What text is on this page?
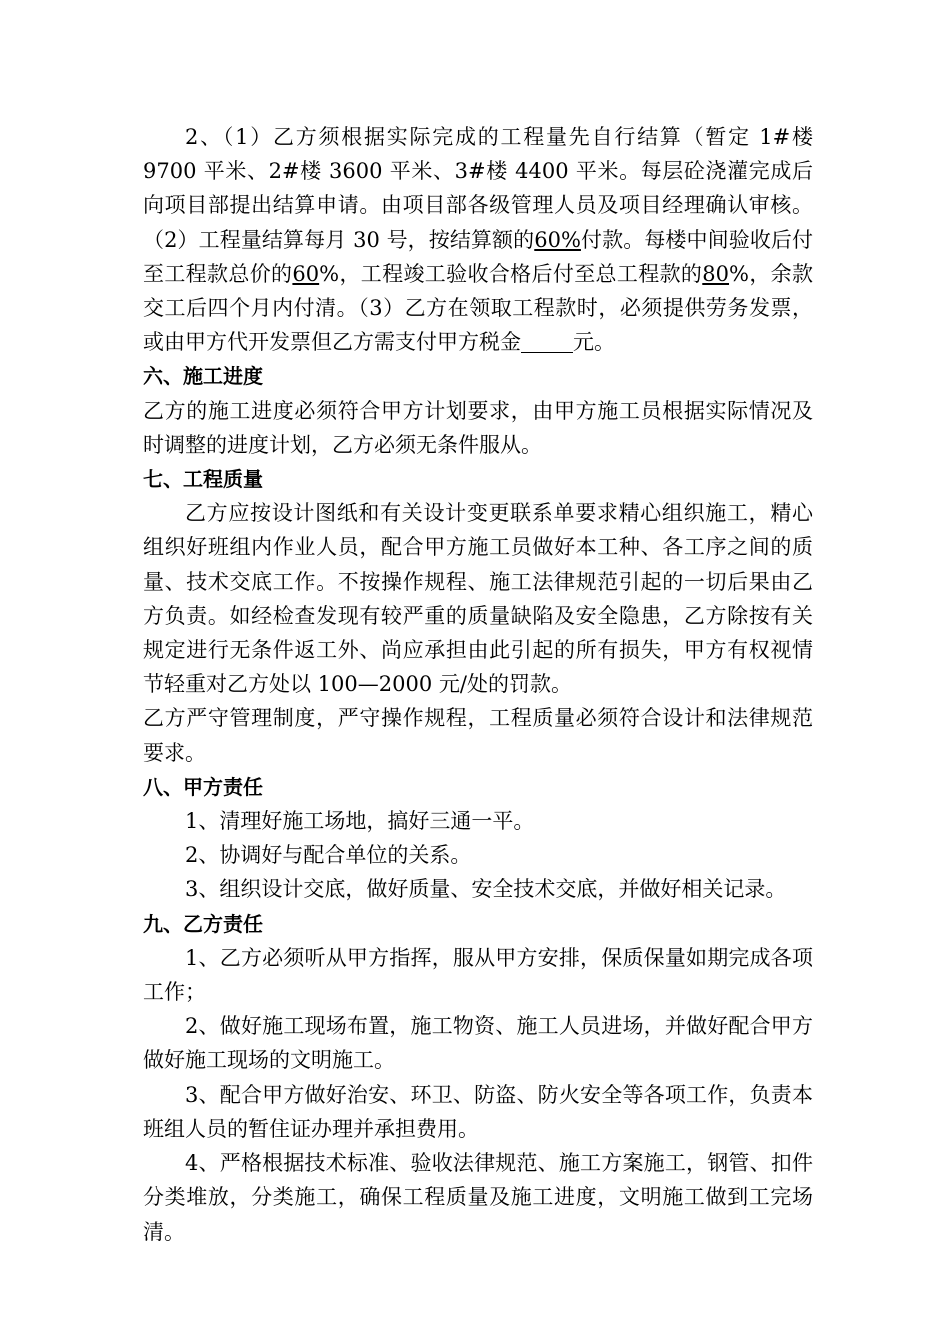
2、（1）乙方须根据实际完成的工程量先自行结算（暂定 1#楼 9700 平米、2#楼 3600 平米、3#楼 4400 平米。每层砼浇灌完成后向项目部提出结算申请。由项目部各级管理人员及项目经理确认审核。（2）工程量结算每月 30 号，按结算额的60%付款。每楼中间验收后付至工程款总价的60%，工程竣工验收合格后付至总工程款的80%，余款交工后四个月内付清。（3）乙方在领取工程款时，必须提供劳务发票，或由甲方代开发票但乙方需支付甲方税金 元。

六、施工进度

乙方的施工进度必须符合甲方计划要求，由甲方施工员根据实际情况及时调整的进度计划，乙方必须无条件服从。

七、工程质量

乙方应按设计图纸和有关设计变更联系单要求精心组织施工，精心组织好班组内作业人员，配合甲方施工员做好本工种、各工序之间的质量、技术交底工作。不按操作规程、施工法律规范引起的一切后果由乙方负责。如经检查发现有较严重的质量缺陷及安全隐患，乙方除按有关规定进行无条件返工外、尚应承担由此引起的所有损失，甲方有权视情节轻重对乙方处以 100—2000 元/处的罚款。

乙方严守管理制度，严守操作规程，工程质量必须符合设计和法律规范要求。

八、甲方责任

1、清理好施工场地，搞好三通一平。

2、协调好与配合单位的关系。

3、组织设计交底，做好质量、安全技术交底，并做好相关记录。

九、乙方责任

1、乙方必须听从甲方指挥，服从甲方安排，保质保量如期完成各项工作；

2、做好施工现场布置，施工物资、施工人员进场，并做好配合甲方做好施工现场的文明施工。

3、配合甲方做好治安、环卫、防盗、防火安全等各项工作，负责本班组人员的暂住证办理并承担费用。

4、严格根据技术标准、验收法律规范、施工方案施工，钢管、扣件分类堆放，分类施工，确保工程质量及施工进度，文明施工做到工完场清。
